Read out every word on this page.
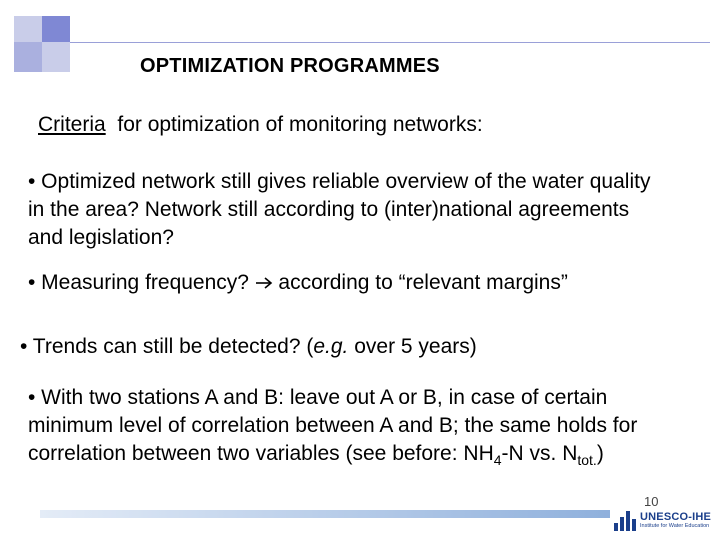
OPTIMIZATION PROGRAMMES
Criteria for optimization of monitoring networks:

• Optimized network still gives reliable overview of the water quality in the area? Network still according to (inter)national agreements and legislation?

• Measuring frequency? according to “relevant margins”

• Trends can still be detected? (e.g. over 5 years)

• With two stations A and B: leave out A or B, in case of certain minimum level of correlation between A and B; the same holds for correlation between two variables (see before: $NH_4-N$ vs. $N_{tot.}$)

10
UNESCO-IHE
Institute for Water Education
